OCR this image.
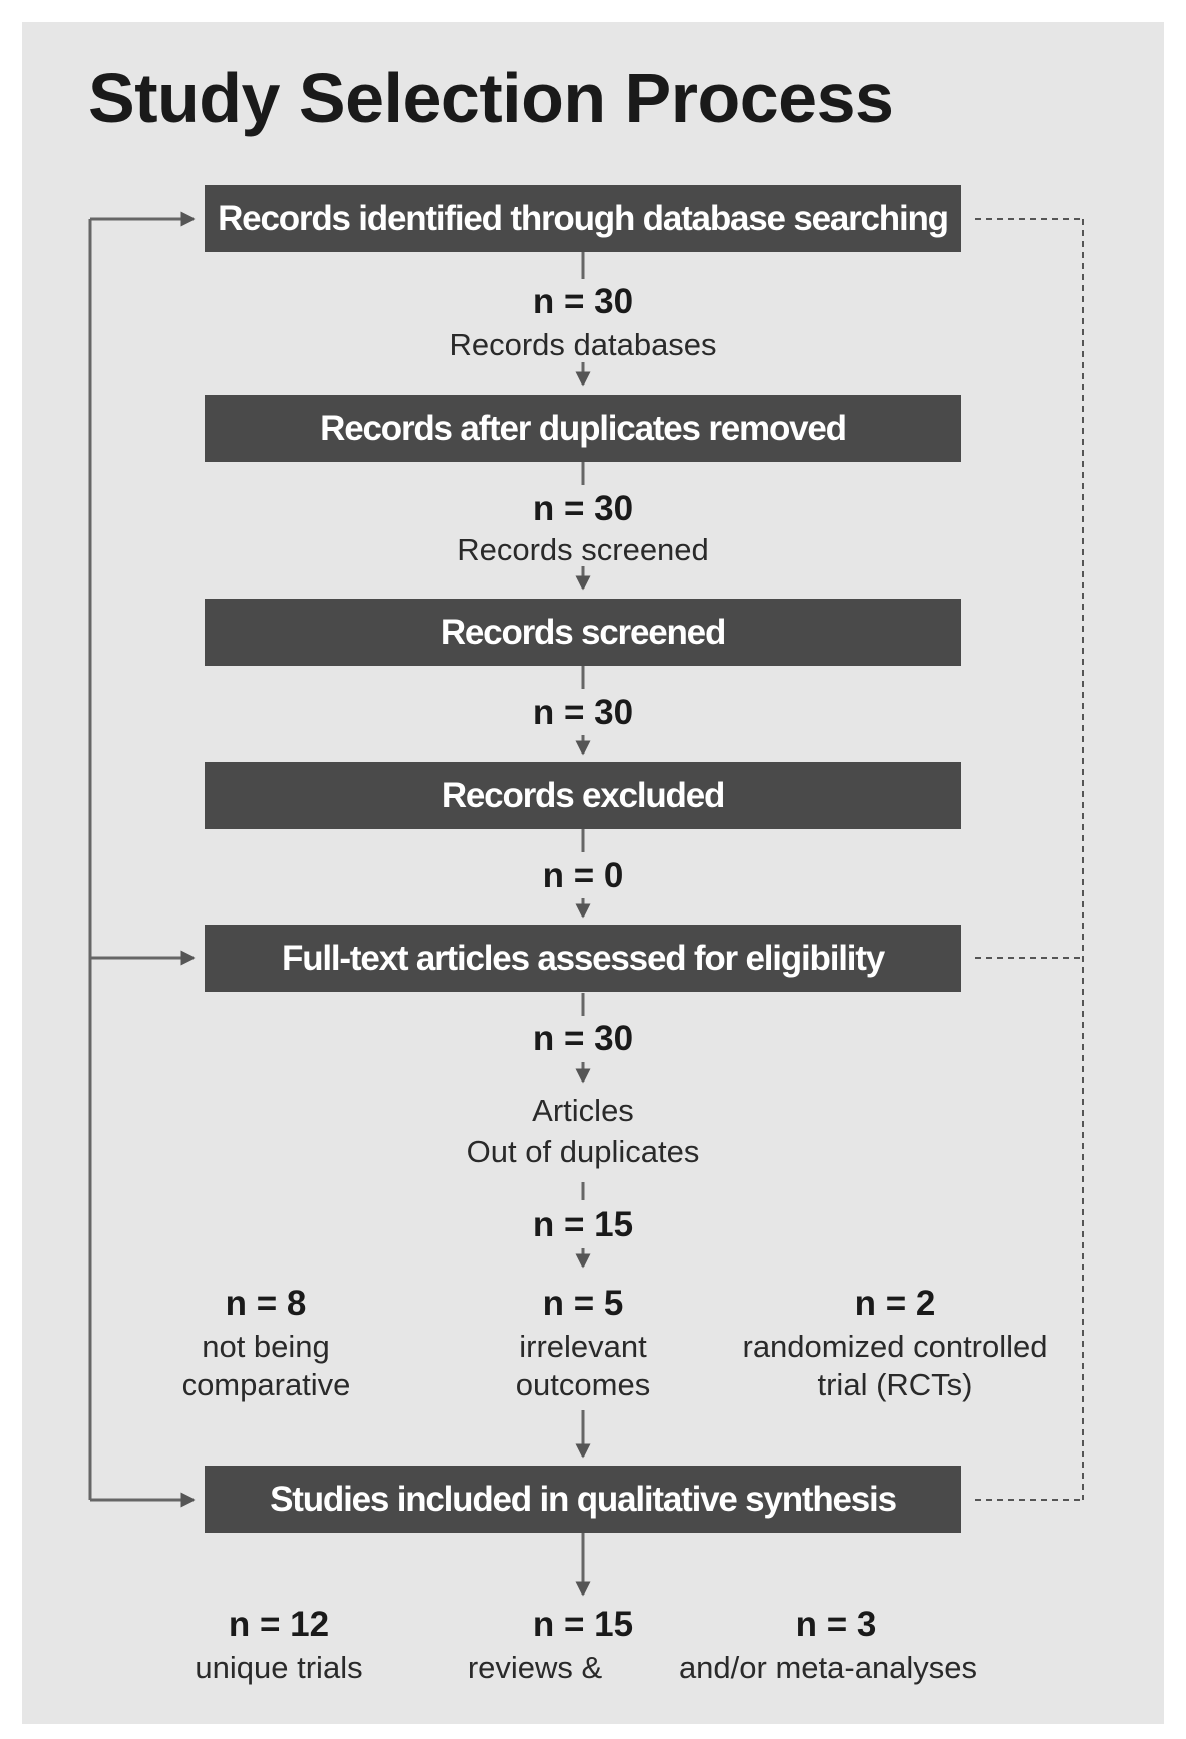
Study Selection Process
Records identified through database searching
Records after duplicates removed
Records screened
Records excluded
Full-text articles assessed for eligibility
Studies included in qualitative synthesis
n = 30
Records databases
n = 30
Records screened
n = 30
n = 0
n = 30
Articles
Out of duplicates
n = 15
n = 8
not being
comparative
n = 5
irrelevant
outcomes
n = 2
randomized controlled
trial (RCTs)
n = 12
unique trials
n = 15
reviews &
n = 3
and/or meta-analyses
